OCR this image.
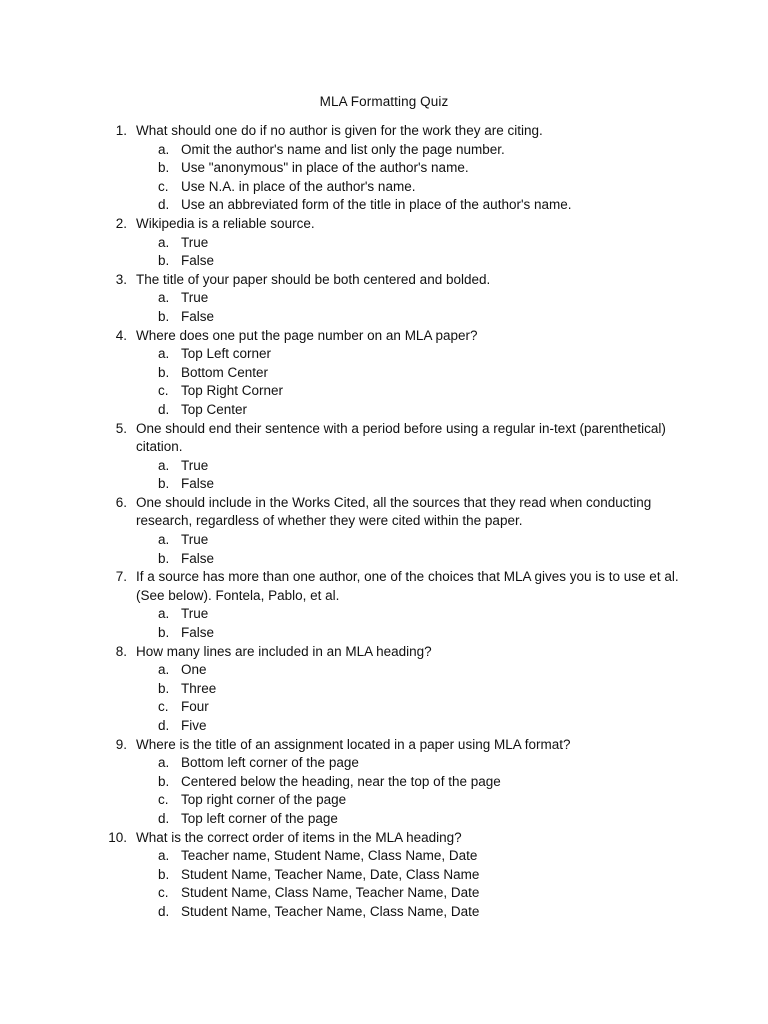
MLA Formatting Quiz
1. What should one do if no author is given for the work they are citing.
a. Omit the author's name and list only the page number.
b. Use "anonymous" in place of the author's name.
c. Use N.A. in place of the author's name.
d. Use an abbreviated form of the title in place of the author's name.
2. Wikipedia is a reliable source.
a. True
b. False
3. The title of your paper should be both centered and bolded.
a. True
b. False
4. Where does one put the page number on an MLA paper?
a. Top Left corner
b. Bottom Center
c. Top Right Corner
d. Top Center
5. One should end their sentence with a period before using a regular in-text (parenthetical) citation.
a. True
b. False
6. One should include in the Works Cited, all the sources that they read when conducting research, regardless of whether they were cited within the paper.
a. True
b. False
7. If a source has more than one author, one of the choices that MLA gives you is to use et al. (See below). Fontela, Pablo, et al.
a. True
b. False
8. How many lines are included in an MLA heading?
a. One
b. Three
c. Four
d. Five
9. Where is the title of an assignment located in a paper using MLA format?
a. Bottom left corner of the page
b. Centered below the heading, near the top of the page
c. Top right corner of the page
d. Top left corner of the page
10. What is the correct order of items in the MLA heading?
a. Teacher name, Student Name, Class Name, Date
b. Student Name, Teacher Name, Date, Class Name
c. Student Name, Class Name, Teacher Name, Date
d. Student Name, Teacher Name, Class Name, Date
